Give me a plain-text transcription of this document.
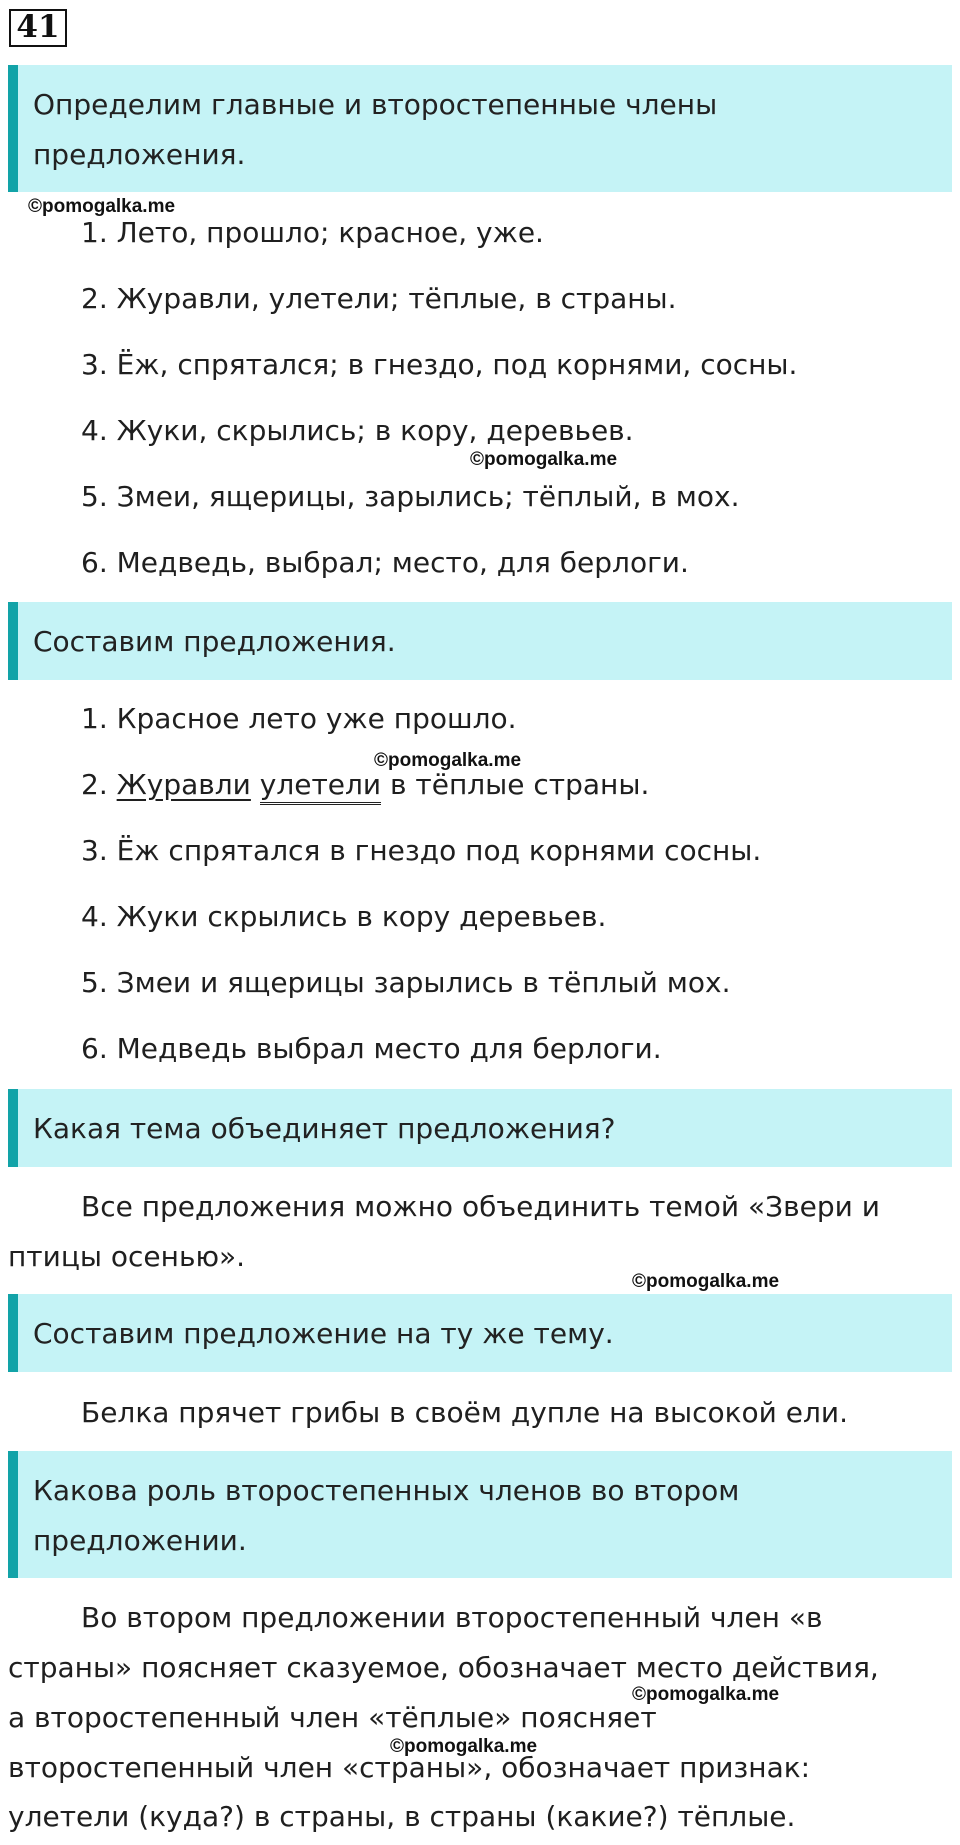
41
Определим главные и второстепенные члены предложения.
©pomogalka.me
1. Лето, прошло; красное, уже.
2. Журавли, улетели; тёплые, в страны.
3. Ёж, спрятался; в гнездо, под корнями, сосны.
4. Жуки, скрылись; в кору, деревьев.
©pomogalka.me
5. Змеи, ящерицы, зарылись; тёплый, в мох.
6. Медведь, выбрал; место, для берлоги.
Составим предложения.
1. Красное лето уже прошло.
©pomogalka.me
2. Журавли улетели в тёплые страны.
3. Ёж спрятался в гнездо под корнями сосны.
4. Жуки скрылись в кору деревьев.
5. Змеи и ящерицы зарылись в тёплый мох.
6. Медведь выбрал место для берлоги.
Какая тема объединяет предложения?
Все предложения можно объединить темой «Звери и
птицы осенью».
©pomogalka.me
Составим предложение на ту же тему.
Белка прячет грибы в своём дупле на высокой ели.
Какова роль второстепенных членов во втором предложении.
Во втором предложении второстепенный член «в
страны» поясняет сказуемое, обозначает место действия,
©pomogalka.me
а второстепенный член «тёплые» поясняет
©pomogalka.me
второстепенный член «страны», обозначает признак:
улетели (куда?) в страны, в страны (какие?) тёплые.
